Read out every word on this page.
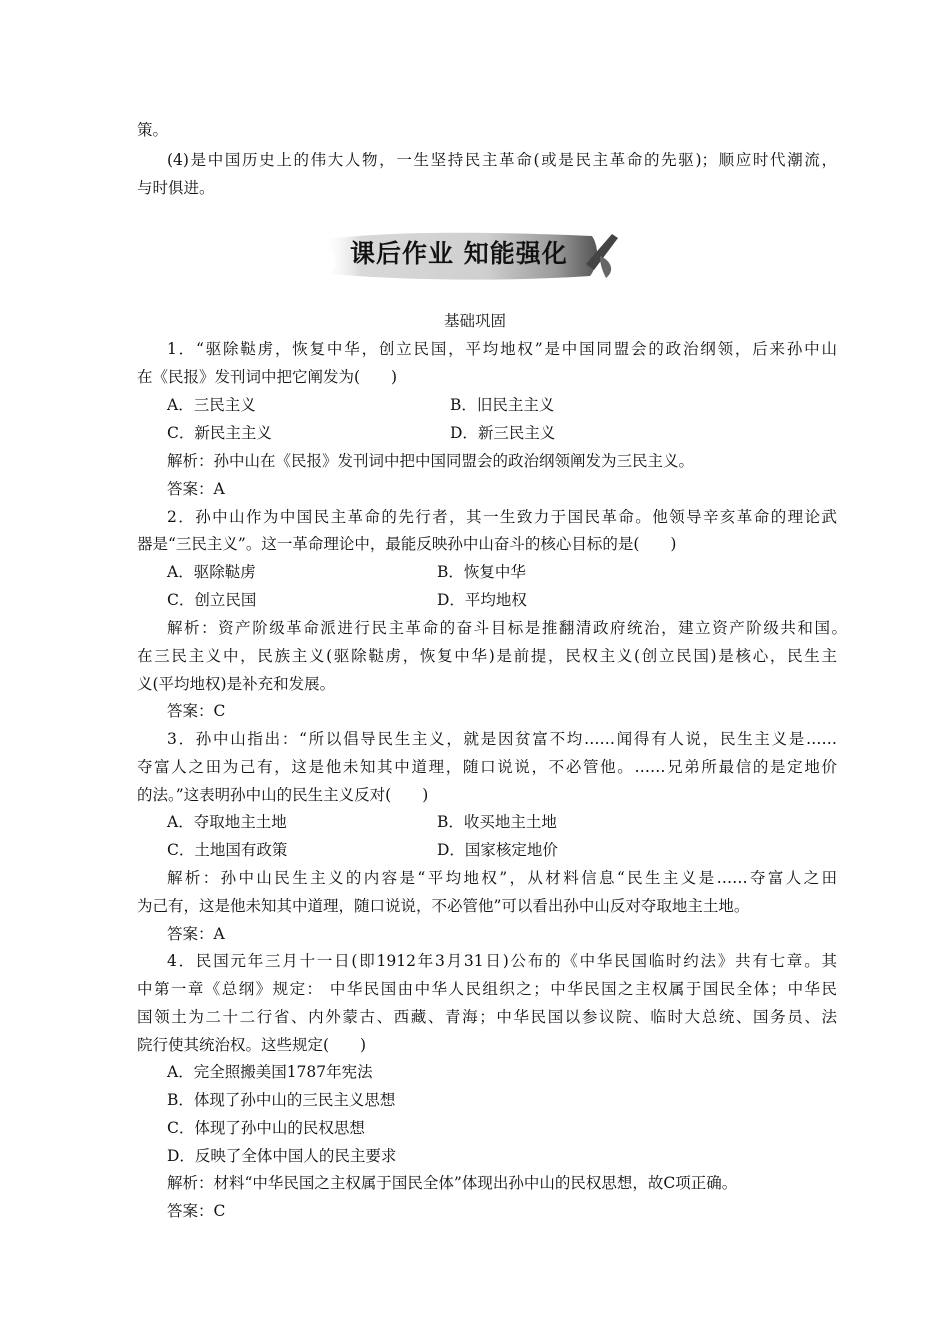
策。
(4)是中国历史上的伟大人物，一生坚持民主革命(或是民主革命的先驱)；顺应时代潮流，
与时俱进。
课后作业 知能强化
基础巩固
1．“驱除鞑虏，恢复中华，创立民国，平均地权”是中国同盟会的政治纲领，后来孙中山
在《民报》发刊词中把它阐发为(　　)
A．三民主义	B．旧民主主义
C．新民主主义	D．新三民主义
解析：孙中山在《民报》发刊词中把中国同盟会的政治纲领阐发为三民主义。
答案：A
2．孙中山作为中国民主革命的先行者，其一生致力于国民革命。他领导辛亥革命的理论武
器是“三民主义”。这一革命理论中，最能反映孙中山奋斗的核心目标的是(　　)
A．驱除鞑虏	B．恢复中华
C．创立民国	D．平均地权
解析：资产阶级革命派进行民主革命的奋斗目标是推翻清政府统治，建立资产阶级共和国。
在三民主义中，民族主义(驱除鞑虏，恢复中华)是前提，民权主义(创立民国)是核心，民生主
义(平均地权)是补充和发展。
答案：C
3．孙中山指出：“所以倡导民生主义，就是因贫富不均……闻得有人说，民生主义是……
夺富人之田为己有，这是他未知其中道理，随口说说，不必管他。……兄弟所最信的是定地价
的法。”这表明孙中山的民生主义反对(　　)
A．夺取地主土地	B．收买地主土地
C．土地国有政策	D．国家核定地价
解析：孙中山民生主义的内容是“平均地权”，从材料信息“民生主义是……夺富人之田
为己有，这是他未知其中道理，随口说说，不必管他”可以看出孙中山反对夺取地主土地。
答案：A
4．民国元年三月十一日(即1912年3月31日)公布的《中华民国临时约法》共有七章。其
中第一章《总纲》规定： 中华民国由中华人民组织之；中华民国之主权属于国民全体；中华民
国领土为二十二行省、内外蒙古、西藏、青海；中华民国以参议院、临时大总统、国务员、法
院行使其统治权。这些规定(　　)
A．完全照搬美国1787年宪法
B．体现了孙中山的三民主义思想
C．体现了孙中山的民权思想
D．反映了全体中国人的民主要求
解析：材料“中华民国之主权属于国民全体”体现出孙中山的民权思想，故C项正确。
答案：C
